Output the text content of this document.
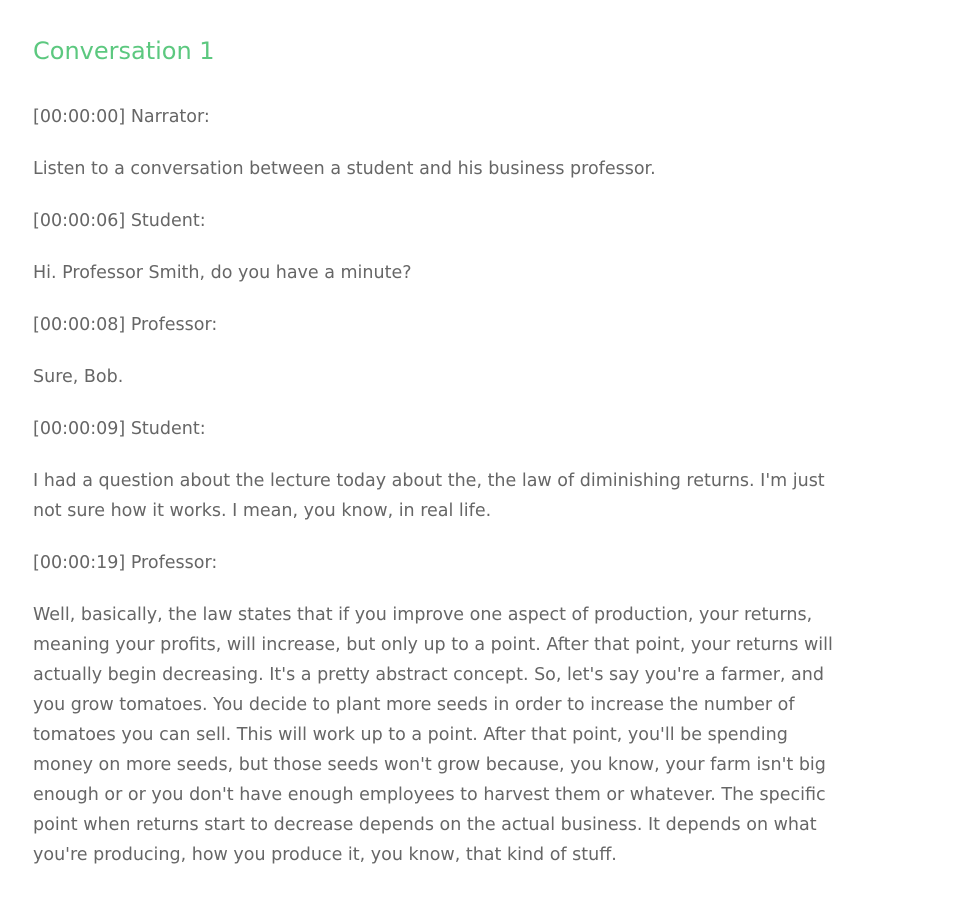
Conversation 1

[00:00:00] Narrator:

Listen to a conversation between a student and his business professor.

[00:00:06] Student:

Hi. Professor Smith, do you have a minute?

[00:00:08] Professor:

Sure, Bob.

[00:00:09] Student:

I had a question about the lecture today about the, the law of diminishing returns. I'm just not sure how it works. I mean, you know, in real life.

[00:00:19] Professor:

Well, basically, the law states that if you improve one aspect of production, your returns, meaning your profits, will increase, but only up to a point. After that point, your returns will actually begin decreasing. It's a pretty abstract concept. So, let's say you're a farmer, and you grow tomatoes. You decide to plant more seeds in order to increase the number of tomatoes you can sell. This will work up to a point. After that point, you'll be spending money on more seeds, but those seeds won't grow because, you know, your farm isn't big enough or or you don't have enough employees to harvest them or whatever. The specific point when returns start to decrease depends on the actual business. It depends on what you're producing, how you produce it, you know, that kind of stuff.
